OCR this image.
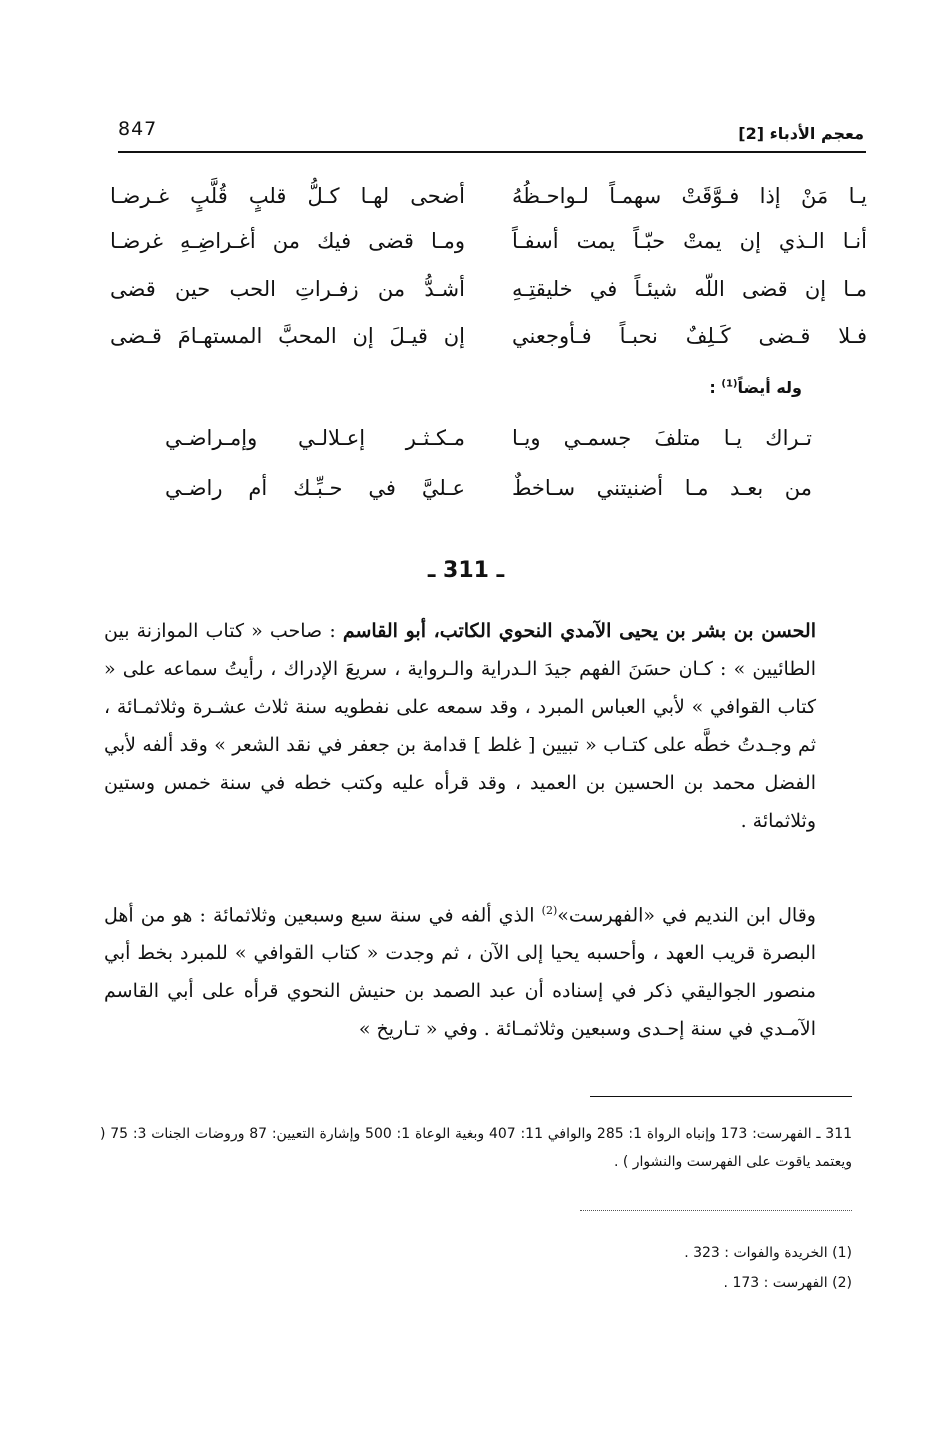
847	معجم الأدباء [2]
يـا مَنْ إذا فـوَّقَتْ سهمـاً لـواحـظُهُ
أضحى لهـا كـلُّ قلبٍ قُلَّبٍ غـرضـا
أنـا الـذي إن يمتْ حبّـاً يمت أسفـاً
ومـا قضى فيك من أغـراضِـهِ غرضـا
مـا إن قضى اللّه شيئـاً في خليقتِـهِ
أشـدُّ من زفـراتِ الحب حين قضى
فـلا قـضى كَـلِفٌ نحبـاً فـأوجعني
إن قيـلَ إن المحبَّ المستهـامَ قـضى
وله أيضاً$^{(1)}$ :
تـراك يـا متلفَ جسمـي ويـا
مـكـثـر إعـلالـي وإمـراضـي
من بعـد مـا أضنيتني سـاخطٌ
عـليَّ في حـبِّـك أم راضـي
ـ 311 ـ
الحسن بن بشر بن يحيى الآمدي النحوي الكاتب، أبو القاسم : صاحب « كتاب الموازنة بين الطائيين » : كـان حسَنَ الفهم جيدَ الـدراية والـرواية ، سريعَ الإدراك ، رأيتُ سماعه على « كتاب القوافي » لأبي العباس المبرد ، وقد سمعه على نفطويه سنة ثلاث عشـرة وثلاثمـائة ، ثم وجـدتُ خطَّه على كتـاب « تبيين [ غلط ] قدامة بن جعفر في نقد الشعر » وقد ألفه لأبي الفضل محمد بن الحسين بن العميد ، وقد قرأه عليه وكتب خطه في سنة خمس وستين وثلاثمائة .
وقال ابن النديم في «الفهرست»$^{(2)}$ الذي ألفه في سنة سبع وسبعين وثلاثمائة : هو من أهل البصرة قريب العهد ، وأحسبه يحيا إلى الآن ، ثم وجدت « كتاب القوافي » للمبرد بخط أبي منصور الجواليقي ذكر في إسناده أن عبد الصمد بن حنيش النحوي قرأه على أبي القاسم الآمـدي في سنة إحـدى وسبعين وثلاثمـائة . وفي « تـاريخ »
311 ـ الفهرست: 173 وإنباه الرواة 1: 285 والوافي 11: 407 وبغية الوعاة 1: 500 وإشارة التعيين: 87 وروضات الجنات 3: 75 ( ويعتمد ياقوت على الفهرست والنشوار ) .
(1) الخريدة والفوات : 323 .
(2) الفهرست : 173 .
